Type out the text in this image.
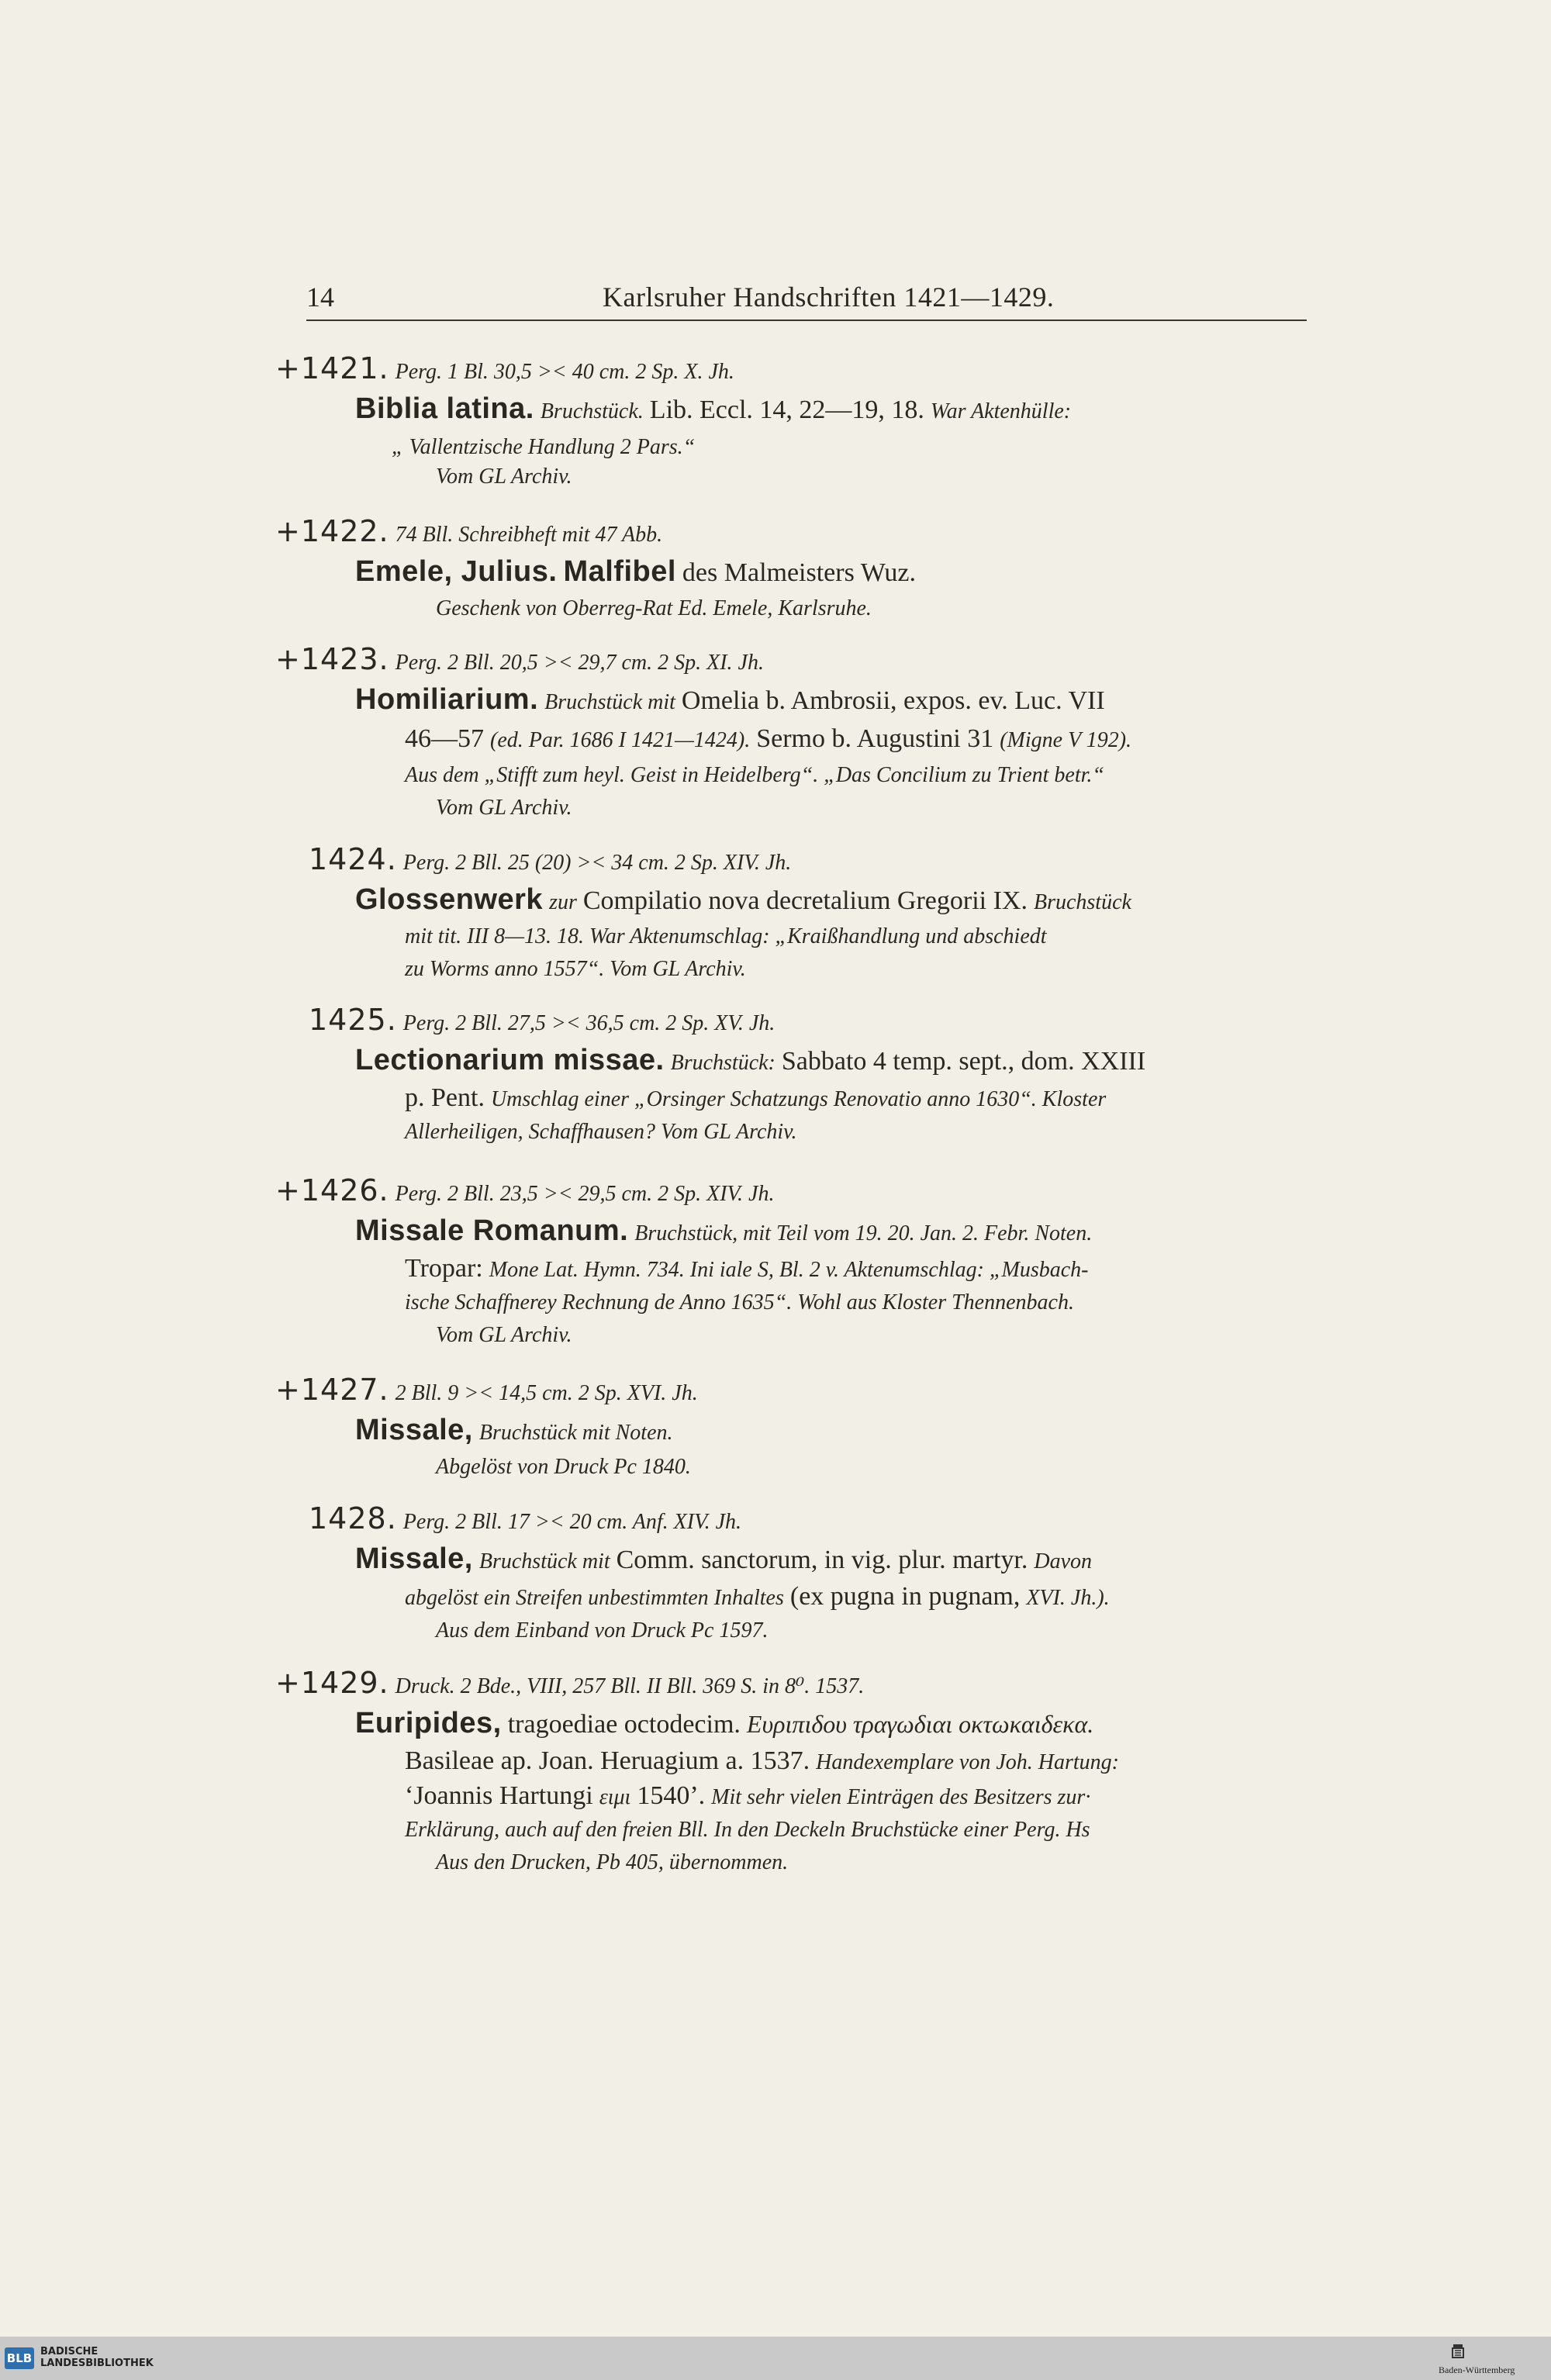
14	Karlsruher Handschriften 1421—1429.
+1421. Perg. 1 Bl. 30,5 >< 40 cm. 2 Sp. X. Jh.
Biblia latina. Bruchstück. Lib. Eccl. 14, 22—19, 18. War Aktenhülle:
„ Vallentzische Handlung 2 Pars.“
Vom GL Archiv.
+1422. 74 Bll. Schreibheft mit 47 Abb.
Emele, Julius. Malfibel des Malmeisters Wuz.
Geschenk von Oberreg-Rat Ed. Emele, Karlsruhe.
+1423. Perg. 2 Bll. 20,5 >< 29,7 cm. 2 Sp. XI. Jh.
Homiliarium. Bruchstück mit Omelia b. Ambrosii, expos. ev. Luc. VII
46—57 (ed. Par. 1686 I 1421—1424). Sermo b. Augustini 31 (Migne V 192).
Aus dem „Stifft zum heyl. Geist in Heidelberg“. „Das Concilium zu Trient betr.“
Vom GL Archiv.
1424. Perg. 2 Bll. 25 (20) >< 34 cm. 2 Sp. XIV. Jh.
Glossenwerk zur Compilatio nova decretalium Gregorii IX. Bruchstück
mit tit. III 8—13. 18. War Aktenumschlag: „Kraißhandlung und abschiedt
zu Worms anno 1557“. Vom GL Archiv.
1425. Perg. 2 Bll. 27,5 >< 36,5 cm. 2 Sp. XV. Jh.
Lectionarium missae. Bruchstück: Sabbato 4 temp. sept., dom. XXIII
p. Pent. Umschlag einer „Orsinger Schatzungs Renovatio anno 1630“. Kloster
Allerheiligen, Schaffhausen? Vom GL Archiv.
+1426. Perg. 2 Bll. 23,5 >< 29,5 cm. 2 Sp. XIV. Jh.
Missale Romanum. Bruchstück, mit Teil vom 19. 20. Jan. 2. Febr. Noten.
Tropar: Mone Lat. Hymn. 734. Ini iale S, Bl. 2 v. Aktenumschlag: „Musbach-
ische Schaffnerey Rechnung de Anno 1635“. Wohl aus Kloster Thennenbach.
Vom GL Archiv.
+1427. 2 Bll. 9 >< 14,5 cm. 2 Sp. XVI. Jh.
Missale, Bruchstück mit Noten.
Abgelöst von Druck Pc 1840.
1428. Perg. 2 Bll. 17 >< 20 cm. Anf. XIV. Jh.
Missale, Bruchstück mit Comm. sanctorum, in vig. plur. martyr. Davon
abgelöst ein Streifen unbestimmten Inhaltes (ex pugna in pugnam, XVI. Jh.).
Aus dem Einband von Druck Pc 1597.
+1429. Druck. 2 Bde., VIII, 257 Bll. II Bll. 369 S. in 8⁰. 1537.
Euripides, tragoediae octodecim. Ευριπιδου τραγωδιαι οκτωκαιδεκα.
Basileae ap. Joan. Heruagium a. 1537. Handexemplare von Joh. Hartung:
‘Joannis Hartungi ειμι 1540’. Mit sehr vielen Einträgen des Besitzers zur·
Erklärung, auch auf den freien Bll. In den Deckeln Bruchstücke einer Perg. Hs
Aus den Drucken, Pb 405, übernommen.
BLB BADISCHE
LANDESBIBLIOTHEK
Baden-Württemberg
